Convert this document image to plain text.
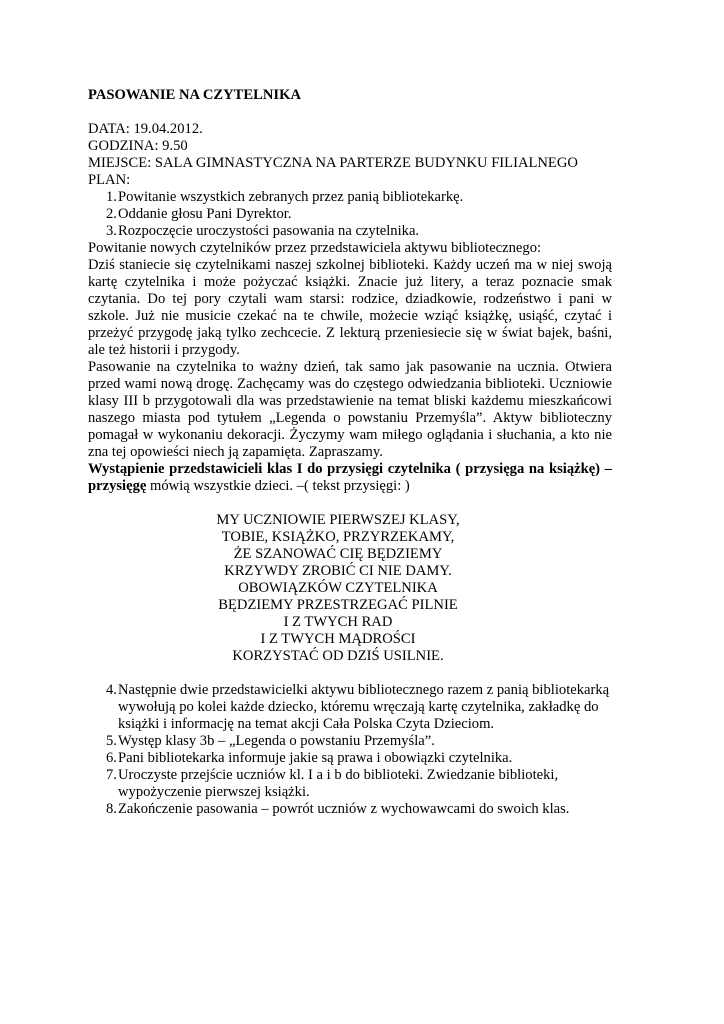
PASOWANIE NA CZYTELNIKA

DATA: 19.04.2012.

GODZINA: 9.50

MIEJSCE: SALA GIMNASTYCZNA NA PARTERZE BUDYNKU FILIALNEGO

PLAN:

1. Powitanie wszystkich zebranych przez panią bibliotekarkę.
2. Oddanie głosu Pani Dyrektor.
3. Rozpoczęcie uroczystości pasowania na czytelnika.

Powitanie nowych czytelników przez przedstawiciela aktywu bibliotecznego:

Dziś staniecie się czytelnikami naszej szkolnej biblioteki. Każdy uczeń ma w niej swoją kartę czytelnika i może pożyczać książki. Znacie już litery, a teraz poznacie smak czytania. Do tej pory czytali wam starsi: rodzice, dziadkowie, rodzeństwo i pani w szkole. Już nie musicie czekać na te chwile, możecie wziąć książkę, usiąść, czytać i przeżyć przygodę jaką tylko zechcecie. Z lekturą przeniesiecie się w świat bajek, baśni, ale też historii i przygody.

Pasowanie na czytelnika to ważny dzień, tak samo jak pasowanie na ucznia. Otwiera przed wami nową drogę. Zachęcamy was do częstego odwiedzania biblioteki. Uczniowie klasy III b przygotowali dla was przedstawienie na temat bliski każdemu mieszkańcowi naszego miasta pod tytułem „Legenda o powstaniu Przemyśla”. Aktyw biblioteczny pomagał w wykonaniu dekoracji. Życzymy wam miłego oglądania i słuchania, a kto nie zna tej opowieści niech ją zapamięta. Zapraszamy.

Wystąpienie przedstawicieli klas I do przysięgi czytelnika ( przysięga na książkę) – przysięgę mówią wszystkie dzieci. –( tekst przysięgi: )

MY UCZNIOWIE PIERWSZEJ KLASY,
TOBIE, KSIĄŻKO, PRZYRZEKAMY,
ŻE SZANOWAĆ CIĘ BĘDZIEMY
KRZYWDY ZROBIĆ CI NIE DAMY.
OBOWIĄZKÓW CZYTELNIKA
BĘDZIEMY PRZESTRZEGAĆ PILNIE
I Z TWYCH RAD
I Z TWYCH MĄDROŚCI
KORZYSTAĆ OD DZIŚ USILNIE.
4. Następnie dwie przedstawicielki aktywu bibliotecznego razem z panią bibliotekarką wywołują po kolei każde dziecko, któremu wręczają kartę czytelnika, zakładkę do książki i informację na temat akcji Cała Polska Czyta Dzieciom.
5. Występ klasy 3b – „Legenda o powstaniu Przemyśla”.
6. Pani bibliotekarka informuje jakie są prawa i obowiązki czytelnika.
7. Uroczyste przejście uczniów kl. I a i b do biblioteki. Zwiedzanie biblioteki, wypożyczenie pierwszej książki.
8. Zakończenie pasowania – powrót uczniów z wychowawcami do swoich klas.
